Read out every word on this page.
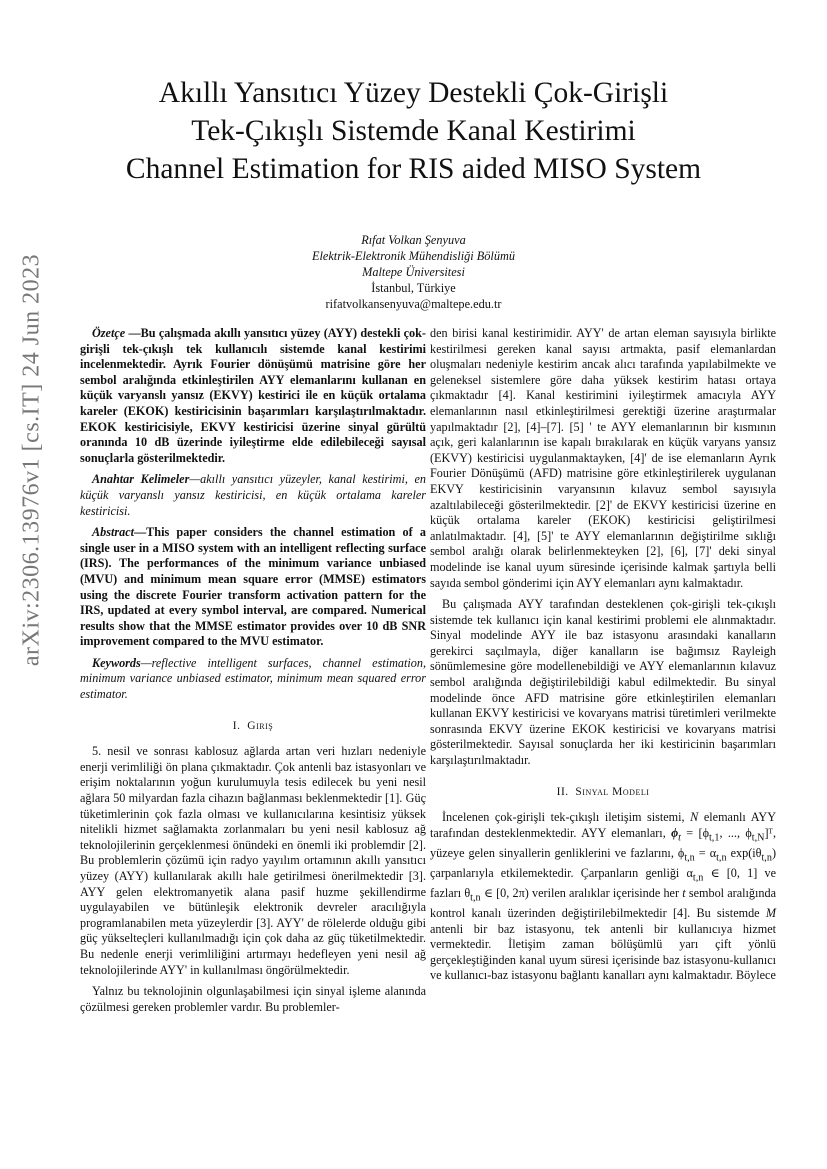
arXiv:2306.13976v1 [cs.IT] 24 Jun 2023
Akıllı Yansıtıcı Yüzey Destekli Çok-Girişli
Tek-Çıkışlı Sistemde Kanal Kestirimi
Channel Estimation for RIS aided MISO System
Rıfat Volkan Şenyuva
Elektrik-Elektronik Mühendisliği Bölümü
Maltepe Üniversitesi
İstanbul, Türkiye
rifatvolkansenyuva@maltepe.edu.tr

Özetçe —Bu çalışmada akıllı yansıtıcı yüzey (AYY) destekli çok-girişli tek-çıkışlı tek kullanıcılı sistemde kanal kestirimi incelenmektedir. Ayrık Fourier dönüşümü matrisine göre her sembol aralığında etkinleştirilen AYY elemanlarını kullanan en küçük varyanslı yansız (EKVY) kestirici ile en küçük ortalama kareler (EKOK) kestiricisinin başarımları karşılaştırılmaktadır. EKOK kestiricisiyle, EKVY kestiricisi üzerine sinyal gürültü oranında 10 dB üzerinde iyileştirme elde edilebileceği sayısal sonuçlarla gösterilmektedir.

Anahtar Kelimeler—akıllı yansıtıcı yüzeyler, kanal kestirimi, en küçük varyanslı yansız kestiricisi, en küçük ortalama kareler kestiricisi.

Abstract—This paper considers the channel estimation of a single user in a MISO system with an intelligent reflecting surface (IRS). The performances of the minimum variance unbiased (MVU) and minimum mean square error (MMSE) estimators using the discrete Fourier transform activation pattern for the IRS, updated at every symbol interval, are compared. Numerical results show that the MMSE estimator provides over 10 dB SNR improvement compared to the MVU estimator.

Keywords—reflective intelligent surfaces, channel estimation, minimum variance unbiased estimator, minimum mean squared error estimator.

I. Giriş

5. nesil ve sonrası kablosuz ağlarda artan veri hızları nedeniyle enerji verimliliği ön plana çıkmaktadır. Çok antenli baz istasyonları ve erişim noktalarının yoğun kurulumuyla tesis edilecek bu yeni nesil ağlara 50 milyardan fazla cihazın bağlanması beklenmektedir [1]. Güç tüketimlerinin çok fazla olması ve kullanıcılarına kesintisiz yüksek nitelikli hizmet sağlamakta zorlanmaları bu yeni nesil kablosuz ağ teknolojilerinin gerçeklenmesi önündeki en önemli iki problemdir [2]. Bu problemlerin çözümü için radyo yayılım ortamının akıllı yansıtıcı yüzey (AYY) kullanılarak akıllı hale getirilmesi önerilmektedir [3]. AYY gelen elektromanyetik alana pasif huzme şekillendirme uygulayabilen ve bütünleşik elektronik devreler aracılığıyla programlanabilen meta yüzeylerdir [3]. AYY' de rölelerde olduğu gibi güç yükselteçleri kullanılmadığı için çok daha az güç tüketilmektedir. Bu nedenle enerji verimliliğini artırmayı hedefleyen yeni nesil ağ teknolojilerinde AYY' in kullanılması öngörülmektedir.

Yalnız bu teknolojinin olgunlaşabilmesi için sinyal işleme alanında çözülmesi gereken problemler vardır. Bu problemler-

den birisi kanal kestirimidir. AYY' de artan eleman sayısıyla birlikte kestirilmesi gereken kanal sayısı artmakta, pasif elemanlardan oluşmaları nedeniyle kestirim ancak alıcı tarafında yapılabilmekte ve geleneksel sistemlere göre daha yüksek kestirim hatası ortaya çıkmaktadır [4]. Kanal kestirimini iyileştirmek amacıyla AYY elemanlarının nasıl etkinleştirilmesi gerektiği üzerine araştırmalar yapılmaktadır [2], [4]–[7]. [5] ' te AYY elemanlarının bir kısmının açık, geri kalanlarının ise kapalı bırakılarak en küçük varyans yansız (EKVY) kestiricisi uygulanmaktayken, [4]' de ise elemanların Ayrık Fourier Dönüşümü (AFD) matrisine göre etkinleştirilerek uygulanan EKVY kestiricisinin varyansının kılavuz sembol sayısıyla azaltılabileceği gösterilmektedir. [2]' de EKVY kestiricisi üzerine en küçük ortalama kareler (EKOK) kestiricisi geliştirilmesi anlatılmaktadır. [4], [5]' te AYY elemanlarının değiştirilme sıklığı sembol aralığı olarak belirlenmekteyken [2], [6], [7]' deki sinyal modelinde ise kanal uyum süresinde içerisinde kalmak şartıyla belli sayıda sembol gönderimi için AYY elemanları aynı kalmaktadır.

Bu çalışmada AYY tarafından desteklenen çok-girişli tek-çıkışlı sistemde tek kullanıcı için kanal kestirimi problemi ele alınmaktadır. Sinyal modelinde AYY ile baz istasyonu arasındaki kanalların gerekirci saçılmayla, diğer kanalların ise bağımsız Rayleigh sönümlemesine göre modellenebildiği ve AYY elemanlarının kılavuz sembol aralığında değiştirilebildiği kabul edilmektedir. Bu sinyal modelinde önce AFD matrisine göre etkinleştirilen elemanları kullanan EKVY kestiricisi ve kovaryans matrisi türetimleri verilmekte sonrasında EKVY üzerine EKOK kestiricisi ve kovaryans matrisi gösterilmektedir. Sayısal sonuçlarda her iki kestiricinin başarımları karşılaştırılmaktadır.

II. Sinyal Modeli

İncelenen çok-girişli tek-çıkışlı iletişim sistemi, N elemanlı AYY tarafından desteklenmektedir. AYY elemanları, $\phi_t = [\phi_{t,1}$, ..., $\phi_{t,N}]ᵀ$, yüzeye gelen sinyallerin genliklerini ve fazlarını, $\phi_{t,n} = \alpha_{t,n}$ $\exp(i\theta_{t,n})$ çarpanlarıyla etkilemektedir. Çarpanların genliği $\alpha_{t,n}$ ∈ [0, 1] ve fazları $\theta_{t,n}$ ∈ [0, 2π) verilen aralıklar içerisinde her t sembol aralığında kontrol kanalı üzerinden değiştirilebilmektedir [4]. Bu sistemde M antenli bir baz istasyonu, tek antenli bir kullanıcıya hizmet vermektedir. İletişim zaman bölüşümlü yarı çift yönlü gerçekleştiğinden kanal uyum süresi içerisinde baz istasyonu-kullanıcı ve kullanıcı-baz istasyonu bağlantı kanalları aynı kalmaktadır. Böylece
